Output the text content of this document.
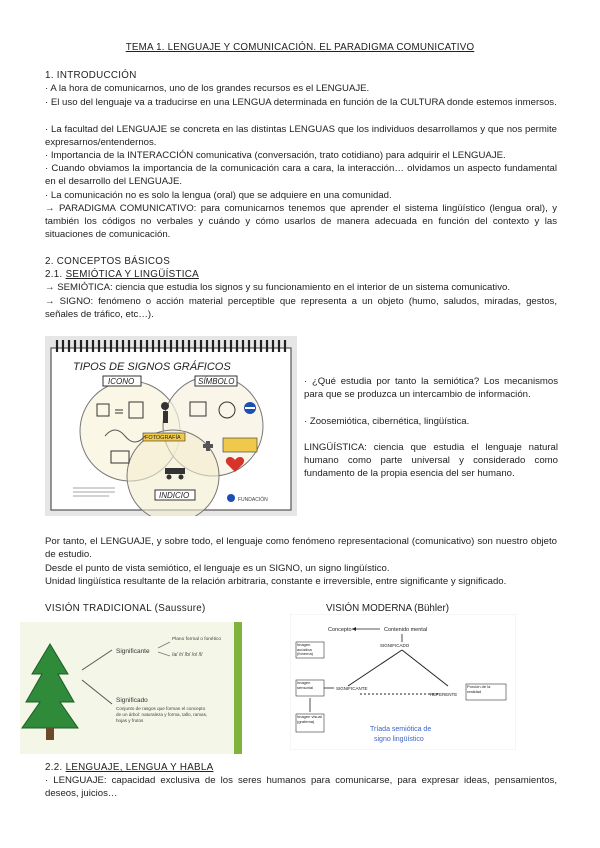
TEMA 1. LENGUAJE Y COMUNICACIÓN. EL PARADIGMA COMUNICATIVO
1. INTRODUCCIÓN
· A la hora de comunicarnos, uno de los grandes recursos es el LENGUAJE.
· El uso del lenguaje va a traducirse en una LENGUA determinada en función de la CULTURA donde estemos inmersos.
· La facultad del LENGUAJE se concreta en las distintas LENGUAS que los individuos desarrollamos y que nos permite expresarnos/entendernos.
· Importancia de la INTERACCIÓN comunicativa (conversación, trato cotidiano) para adquirir el LENGUAJE.
· Cuando obviamos la importancia de la comunicación cara a cara, la interacción… olvidamos un aspecto fundamental en el desarrollo del LENGUAJE.
· La comunicación no es solo la lengua (oral) que se adquiere en una comunidad.
→ PARADIGMA COMUNICATIVO: para comunicarnos tenemos que aprender el sistema lingüístico (lengua oral), y también los códigos no verbales y cuándo y cómo usarlos de manera adecuada en función del contexto y las situaciones de comunicación.
2. CONCEPTOS BÁSICOS
2.1. SEMIÓTICA Y LINGÜÍSTICA
→ SEMIÓTICA: ciencia que estudia los signos y su funcionamiento en el interior de un sistema comunicativo.
→ SIGNO: fenómeno o acción material perceptible que representa a un objeto (humo, saludos, miradas, gestos, señales de tráfico, etc…).
TIPOS DE SIGNOS GRÁFICOS
ICONO	SÍMBOLO
INDICIO
FOTOGRAFÍA
FUNDACIÓN
· ¿Qué estudia por tanto la semiótica? Los mecanismos para que se produzca un intercambio de información.
· Zoosemiótica, cibernética, lingüística.
LINGÜÍSTICA: ciencia que estudia el lenguaje natural humano como parte universal y considerado como fundamento de la propia esencia del ser humano.
Por tanto, el LENGUAJE, y sobre todo, el lenguaje como fenómeno representacional (comunicativo) son nuestro objeto de estudio.
Desde el punto de vista semiótico, el lenguaje es un SIGNO, un signo lingüístico.
Unidad lingüística resultante de la relación arbitraria, constante e irreversible, entre significante y significado.
VISIÓN TRADICIONAL (Saussure)	VISIÓN MODERNA (Bühler)
Significante
Plano formal o fonético
/a/ /r/ /b/ /o/ /l/
Significado
Conjunto de rasgos que forman el concepto de un árbol: naturaleza y forma, tallo, ramas, hojas y frutos
Concepto	Contenido mental
Imagen acústica (fonema)
SIGNIFICADO
Imagen sensorial	SIGNIFICANTE
REFERENTE
Porción de la realidad
Imagen visual (grafema)
Tríada semiótica de
signo lingüístico
2.2. LENGUAJE, LENGUA Y HABLA
· LENGUAJE: capacidad exclusiva de los seres humanos para comunicarse, para expresar ideas, pensamientos, deseos, juicios…
